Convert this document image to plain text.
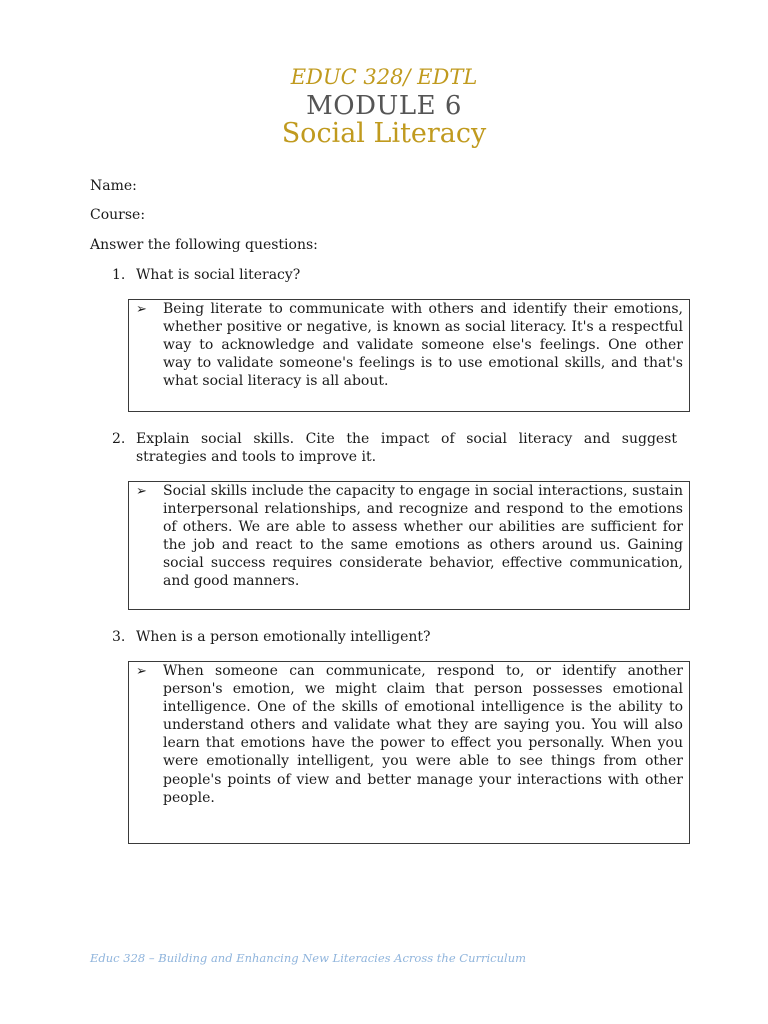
EDUC 328/ EDTL
MODULE 6
Social Literacy
Name:
Course:
Answer the following questions:
1. What is social literacy?
➢ Being literate to communicate with others and identify their emotions, whether positive or negative, is known as social literacy. It's a respectful way to acknowledge and validate someone else's feelings. One other way to validate someone's feelings is to use emotional skills, and that's what social literacy is all about.
2. Explain social skills. Cite the impact of social literacy and suggest strategies and tools to improve it.
➢ Social skills include the capacity to engage in social interactions, sustain interpersonal relationships, and recognize and respond to the emotions of others. We are able to assess whether our abilities are sufficient for the job and react to the same emotions as others around us. Gaining social success requires considerate behavior, effective communication, and good manners.
3. When is a person emotionally intelligent?
➢ When someone can communicate, respond to, or identify another person's emotion, we might claim that person possesses emotional intelligence. One of the skills of emotional intelligence is the ability to understand others and validate what they are saying you. You will also learn that emotions have the power to effect you personally. When you were emotionally intelligent, you were able to see things from other people's points of view and better manage your interactions with other people.
Educ 328 – Building and Enhancing New Literacies Across the Curriculum
